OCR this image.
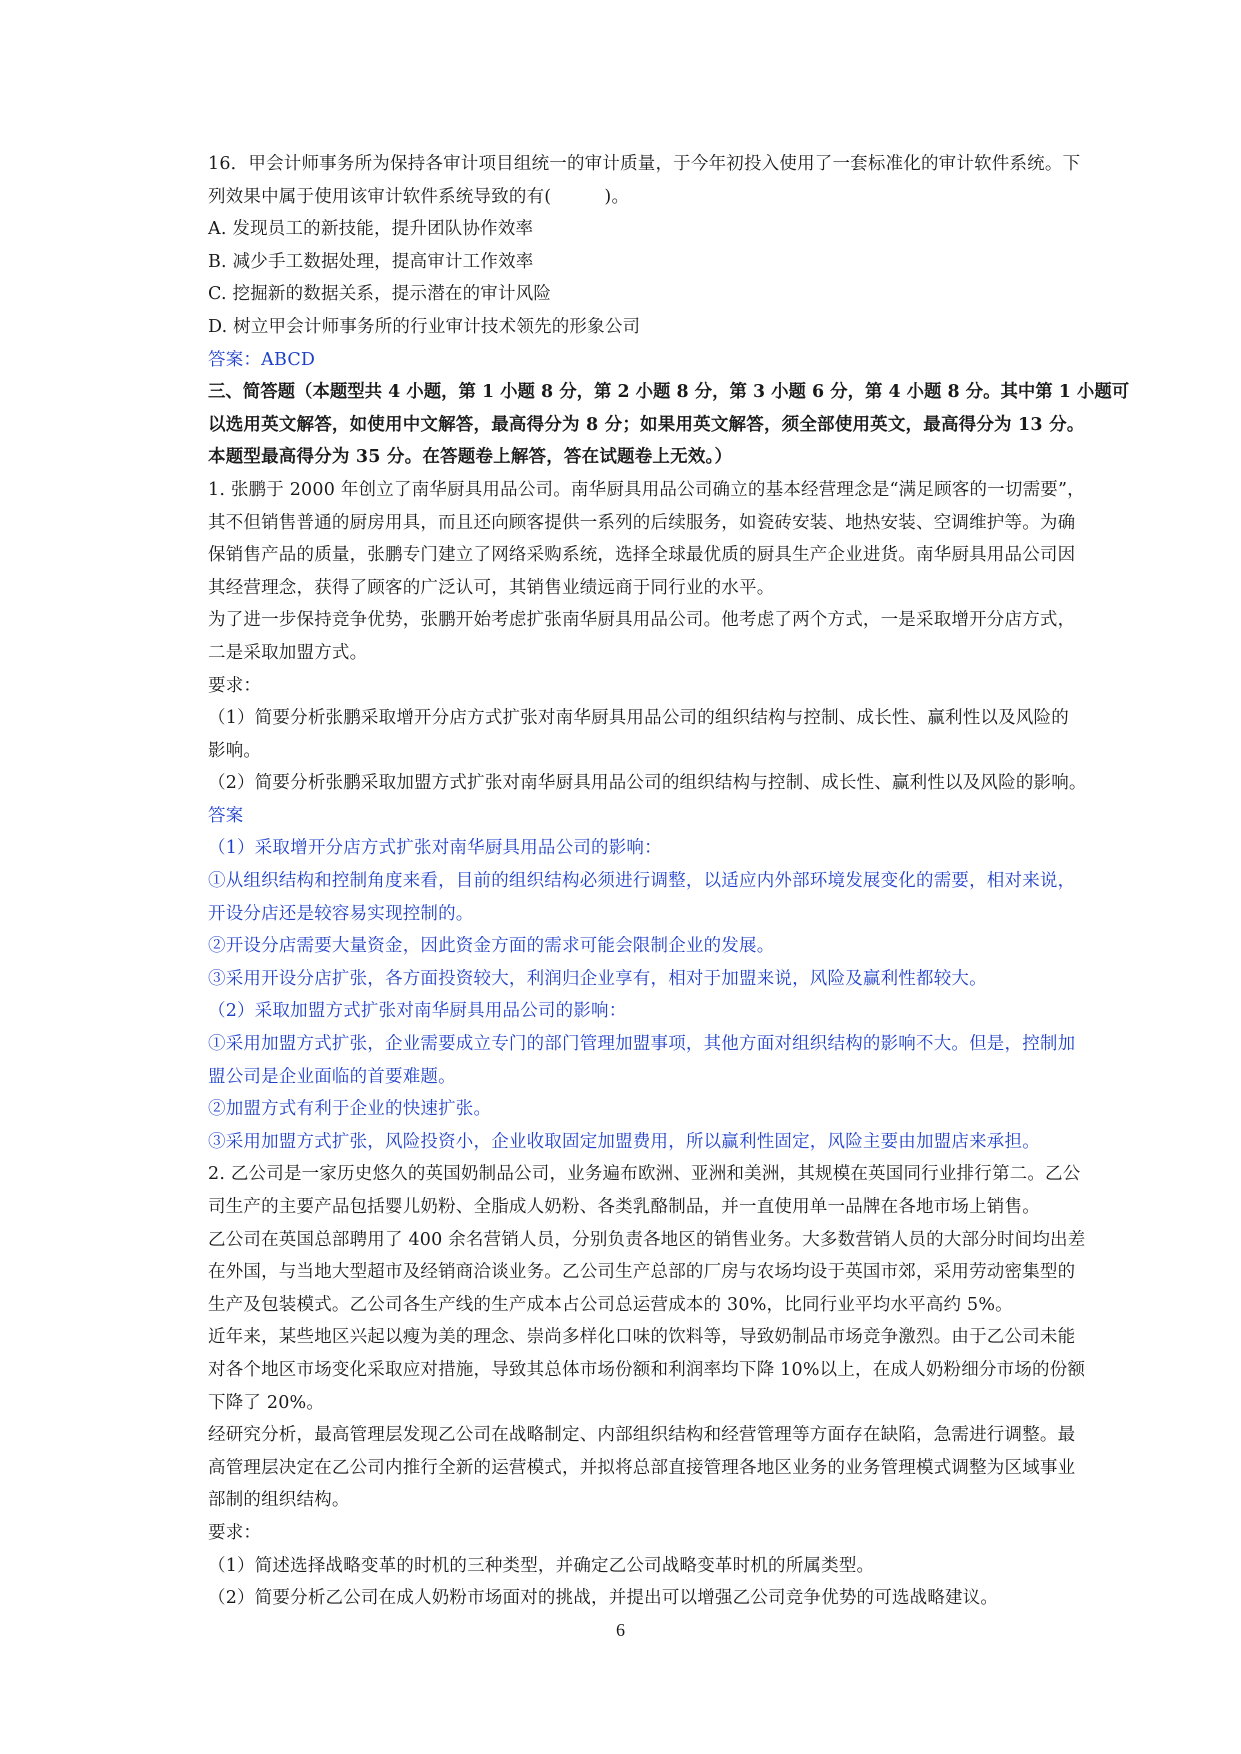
16．甲会计师事务所为保持各审计项目组统一的审计质量，于今年初投入使用了一套标准化的审计软件系统。下
列效果中属于使用该审计软件系统导致的有(　　　)。
A. 发现员工的新技能，提升团队协作效率
B. 减少手工数据处理，提高审计工作效率
C. 挖掘新的数据关系，提示潜在的审计风险
D. 树立甲会计师事务所的行业审计技术领先的形象公司
答案：ABCD
三、简答题（本题型共 4 小题，第 1 小题 8 分，第 2 小题 8 分，第 3 小题 6 分，第 4 小题 8 分。其中第 1 小题可
以选用英文解答，如使用中文解答，最高得分为 8 分；如果用英文解答，须全部使用英文，最高得分为 13 分。
本题型最高得分为 35 分。在答题卷上解答，答在试题卷上无效。）
1. 张鹏于 2000 年创立了南华厨具用品公司。南华厨具用品公司确立的基本经营理念是“满足顾客的一切需要”，
其不但销售普通的厨房用具，而且还向顾客提供一系列的后续服务，如瓷砖安装、地热安装、空调维护等。为确
保销售产品的质量，张鹏专门建立了网络采购系统，选择全球最优质的厨具生产企业进货。南华厨具用品公司因
其经营理念，获得了顾客的广泛认可，其销售业绩远商于同行业的水平。
为了进一步保持竞争优势，张鹏开始考虑扩张南华厨具用品公司。他考虑了两个方式，一是采取增开分店方式，
二是采取加盟方式。
要求：
（1）简要分析张鹏采取增开分店方式扩张对南华厨具用品公司的组织结构与控制、成长性、赢利性以及风险的
影响。
（2）简要分析张鹏采取加盟方式扩张对南华厨具用品公司的组织结构与控制、成长性、赢利性以及风险的影响。
答案
（1）采取增开分店方式扩张对南华厨具用品公司的影响：
①从组织结构和控制角度来看，目前的组织结构必须进行调整，以适应内外部环境发展变化的需要，相对来说，
开设分店还是较容易实现控制的。
②开设分店需要大量资金，因此资金方面的需求可能会限制企业的发展。
③采用开设分店扩张，各方面投资较大，利润归企业享有，相对于加盟来说，风险及赢利性都较大。
（2）采取加盟方式扩张对南华厨具用品公司的影响：
①采用加盟方式扩张，企业需要成立专门的部门管理加盟事项，其他方面对组织结构的影响不大。但是，控制加
盟公司是企业面临的首要难题。
②加盟方式有利于企业的快速扩张。
③采用加盟方式扩张，风险投资小，企业收取固定加盟费用，所以赢利性固定，风险主要由加盟店来承担。
2. 乙公司是一家历史悠久的英国奶制品公司，业务遍布欧洲、亚洲和美洲，其规模在英国同行业排行第二。乙公
司生产的主要产品包括婴儿奶粉、全脂成人奶粉、各类乳酪制品，并一直使用单一品牌在各地市场上销售。
乙公司在英国总部聘用了 400 余名营销人员，分别负责各地区的销售业务。大多数营销人员的大部分时间均出差
在外国，与当地大型超市及经销商洽谈业务。乙公司生产总部的厂房与农场均设于英国市郊，采用劳动密集型的
生产及包装模式。乙公司各生产线的生产成本占公司总运营成本的 30%，比同行业平均水平高约 5%。
近年来，某些地区兴起以瘦为美的理念、崇尚多样化口味的饮料等，导致奶制品市场竞争激烈。由于乙公司未能
对各个地区市场变化采取应对措施，导致其总体市场份额和利润率均下降 10%以上，在成人奶粉细分市场的份额
下降了 20%。
经研究分析，最高管理层发现乙公司在战略制定、内部组织结构和经营管理等方面存在缺陷，急需进行调整。最
高管理层决定在乙公司内推行全新的运营模式，并拟将总部直接管理各地区业务的业务管理模式调整为区域事业
部制的组织结构。
要求：
（1）简述选择战略变革的时机的三种类型，并确定乙公司战略变革时机的所属类型。
（2）简要分析乙公司在成人奶粉市场面对的挑战，并提出可以增强乙公司竞争优势的可选战略建议。
6
